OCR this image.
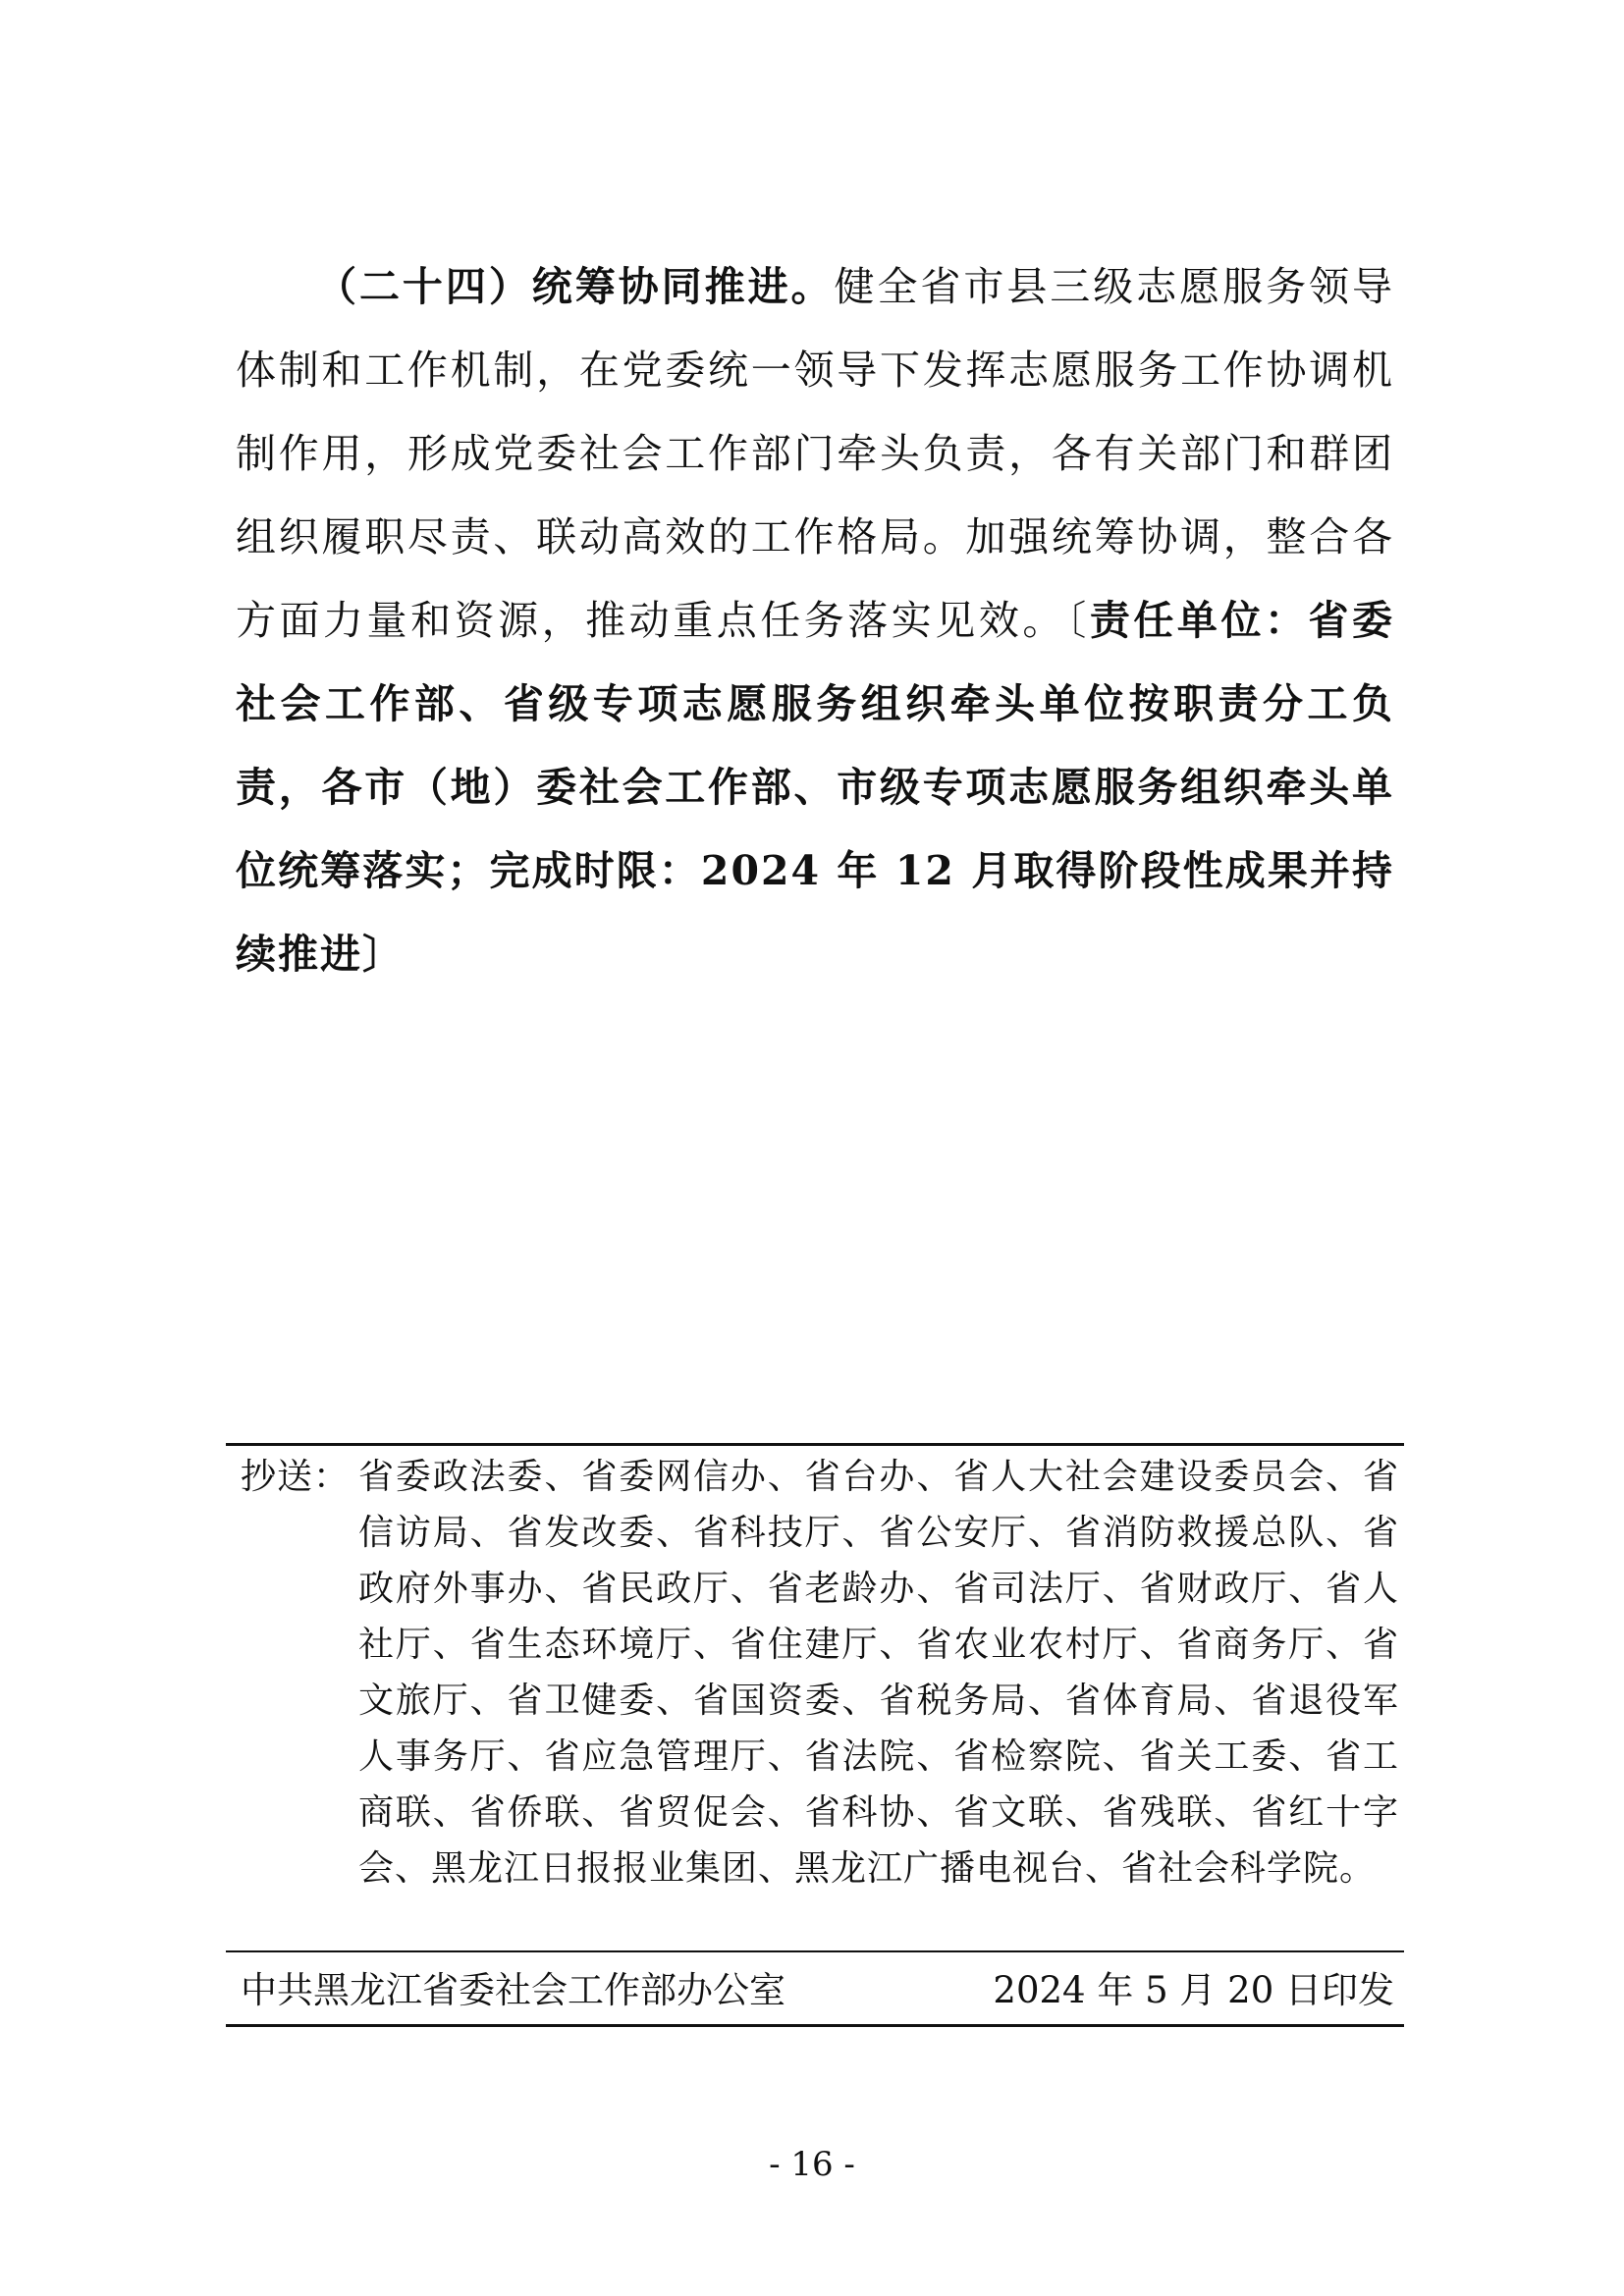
（二十四）统筹协同推进。健全省市县三级志愿服务领导体制和工作机制，在党委统一领导下发挥志愿服务工作协调机制作用，形成党委社会工作部门牵头负责，各有关部门和群团组织履职尽责、联动高效的工作格局。加强统筹协调，整合各方面力量和资源，推动重点任务落实见效。〔责任单位：省委社会工作部、省级专项志愿服务组织牵头单位按职责分工负责，各市（地）委社会工作部、市级专项志愿服务组织牵头单位统筹落实；完成时限：2024 年 12 月取得阶段性成果并持续推进〕

抄送： 省委政法委、省委网信办、省台办、省人大社会建设委员会、省信访局、省发改委、省科技厅、省公安厅、省消防救援总队、省政府外事办、省民政厅、省老龄办、省司法厅、省财政厅、省人社厅、省生态环境厅、省住建厅、省农业农村厅、省商务厅、省文旅厅、省卫健委、省国资委、省税务局、省体育局、省退役军人事务厅、省应急管理厅、省法院、省检察院、省关工委、省工商联、省侨联、省贸促会、省科协、省文联、省残联、省红十字会、黑龙江日报报业集团、黑龙江广播电视台、省社会科学院。
中共黑龙江省委社会工作部办公室	2024 年 5 月 20 日印发
- 16 -
